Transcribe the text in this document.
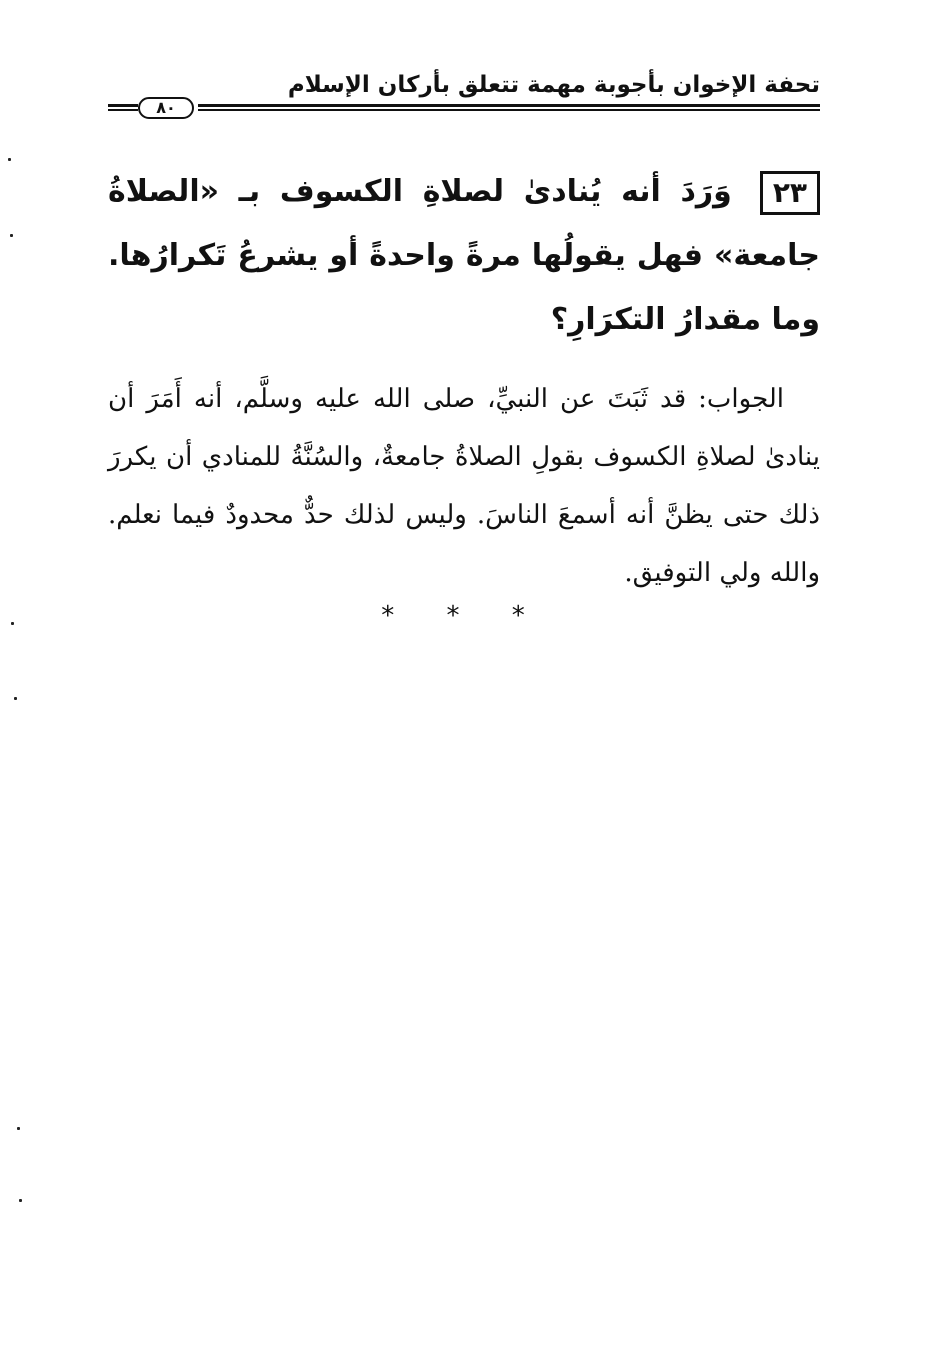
تحفة الإخوان بأجوبة مهمة تتعلق بأركان الإسلام
٨٠
٢٣وَرَدَ أنه يُنادىٰ لصلاةِ الكسوف بـ «الصلاةُ جامعة» فهل يقولُها مرةً واحدةً أو يشرعُ تَكرارُها. وما مقدارُ التكرَارِ؟
الجواب: قد ثَبَتَ عن النبيِّ، صلى الله عليه وسلَّم، أنه أَمَرَ أن ينادىٰ لصلاةِ الكسوف بقولِ الصلاةُ جامعةٌ، والسُنَّةُ للمنادي أن يكررَ ذلك حتى يظنَّ أنه أسمعَ الناسَ. وليس لذلك حدٌّ محدودٌ فيما نعلم. والله ولي التوفيق.
* * *
